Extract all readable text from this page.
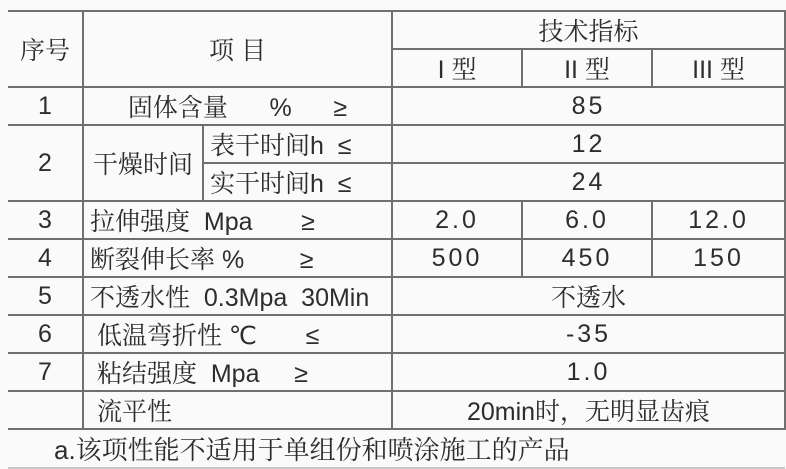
序号	项 目		技术指标		
			I 型	II 型	III 型
1	固体含量      %      ≥		85		
2	干燥时间	表干时间h  ≤	12		
		实干时间h  ≤	24		
3	拉伸强度  Mpa       ≥		2.0	6.0	12.0
4	断裂伸长率 %        ≥		500	450	150
5	不透水性  0.3Mpa  30Min		不透水		
6	低温弯折性 ℃       ≤		-35		
7	粘结强度  Mpa     ≥		1.0		
	流平性		20min时，无明显齿痕		
a.该项性能不适用于单组份和喷涂施工的产品					
